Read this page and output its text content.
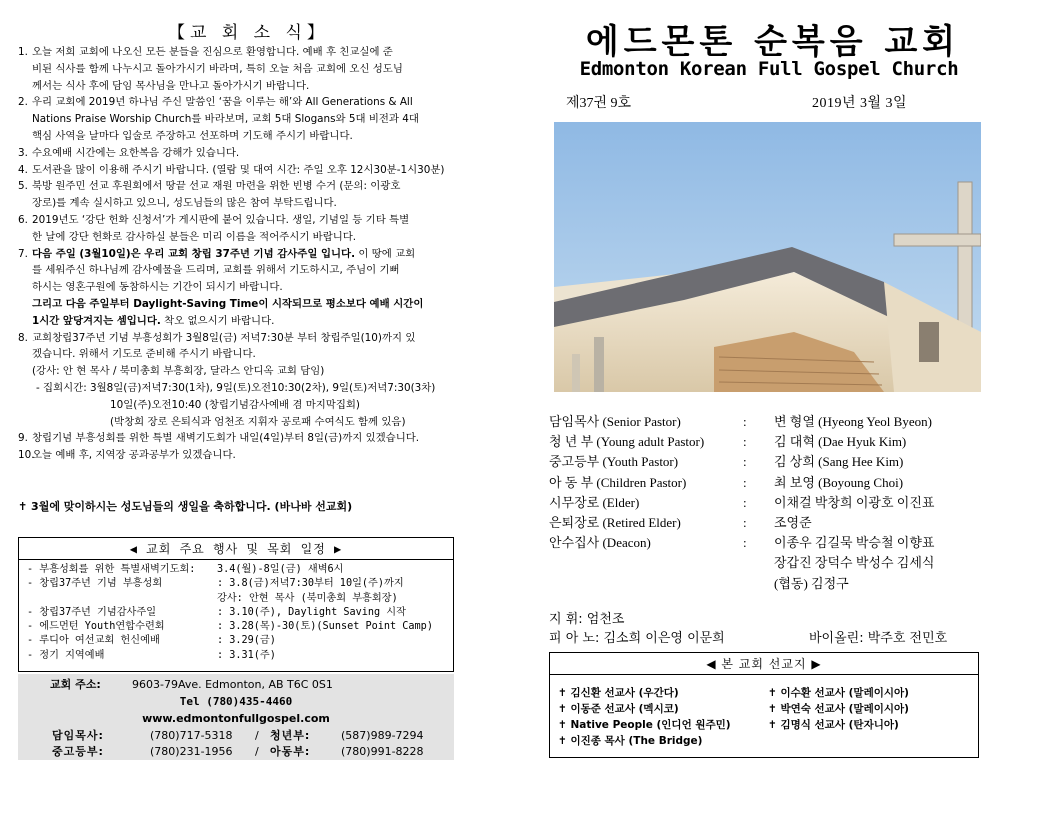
【교 회 소 식】
1. 오늘 저희 교회에 나오신 모든 분들을 진심으로 환영합니다. 예배 후 친교실에 준
비된 식사를 함께 나누시고 돌아가시기 바라며, 특히 오늘 처음 교회에 오신 성도님
께서는 식사 후에 담임 목사님을 만나고 돌아가시기 바랍니다.
2. 우리 교회에 2019년 하나님 주신 말씀인 ‘꿈을 이루는 해’와 All Generations & All
Nations Praise Worship Church를 바라보며, 교회 5대 Slogans와 5대 비전과 4대
핵심 사역을 날마다 입술로 주장하고 선포하며 기도해 주시기 바랍니다.
3. 수요예배 시간에는 요한복음 강해가 있습니다.
4. 도서관을 많이 이용해 주시기 바랍니다. (열람 및 대여 시간: 주일 오후 12시30분-1시30분)
5. 북방 원주민 선교 후원회에서 땅끝 선교 재원 마련을 위한 빈병 수거 (문의: 이광호
장로)를 계속 실시하고 있으니, 성도님들의 많은 참여 부탁드립니다.
6. 2019년도 ‘강단 헌화 신청서’가 게시판에 붙어 있습니다. 생일, 기념일 등 기타 특별
한 날에 강단 헌화로 감사하실 분들은 미리 이름을 적어주시기 바랍니다.
7. 다음 주일 (3월10일)은 우리 교회 창립 37주년 기념 감사주일 입니다. 이 땅에 교회
를 세워주신 하나님께 감사예물을 드리며, 교회를 위해서 기도하시고, 주님이 기뻐
하시는 영혼구원에 동참하시는 기간이 되시기 바랍니다.
그리고 다음 주일부터 Daylight-Saving Time이 시작되므로 평소보다 예배 시간이
1시간 앞당겨지는 셈입니다. 착오 없으시기 바랍니다.
8. 교회창립37주년 기념 부흥성회가 3월8일(금) 저녁7:30분 부터 창립주일(10)까지 있
겠습니다. 위해서 기도로 준비해 주시기 바랍니다.
(강사: 안 현 목사 / 북미총회 부흥회장, 달라스 안디옥 교회 담임)
- 집회시간: 3월8일(금)저녁7:30(1차), 9일(토)오전10:30(2차), 9일(토)저녁7:30(3차)
10일(주)오전10:40 (창립기념감사예배 겸 마지막집회)
(박창희 장로 은퇴식과 엄천조 지휘자 공로패 수여식도 함께 있음)
9. 창립기념 부흥성회를 위한 특별 새벽기도회가 내일(4일)부터 8일(금)까지 있겠습니다.
10.
오늘 예배 후, 지역장 공과공부가 있겠습니다.
✝ 3월에 맞이하시는 성도님들의 생일을 축하합니다. (바나바 선교회)
◀ 교회 주요 행사 및 목회 일정 ▶
- 부흥성회를 위한 특별새벽기도회: 3.4(월)-8일(금) 새벽6시
- 창립37주년 기념 부흥성회	: 3.8(금)저녁7:30부터 10일(주)까지
강사: 안현 목사 (북미총회 부흥회장)
- 창립37주년 기념감사주일	: 3.10(주), Daylight Saving 시작
- 에드먼턴 Youth연합수련회	: 3.28(목)-30(토)(Sunset Point Camp)
- 루디아 여선교회 헌신예배	: 3.29(금)
- 정기 지역예배	: 3.31(주)
교회 주소:	9603-79Ave. Edmonton, AB T6C 0S1
Tel (780)435-4460
www.edmontonfullgospel.com
담임목사:	(780)717-5318 / 청년부:	(587)989-7294
중고등부:	(780)231-1956 / 아동부:	(780)991-8228
에드몬톤 순복음 교회
Edmonton Korean Full Gospel Church
제37권 9호	2019년 3월 3일
담임목사 (Senior Pastor)	: 변 형열 (Hyeong Yeol Byeon)
청 년 부 (Young adult Pastor)	: 김 대혁 (Dae Hyuk Kim)
중고등부 (Youth Pastor)	: 김 상희 (Sang Hee Kim)
아 동 부 (Children Pastor)	: 최 보영 (Boyoung Choi)
시무장로 (Elder)	: 이채걸 박창희 이광호 이진표
은퇴장로 (Retired Elder)	: 조영준
안수집사 (Deacon)	: 이종우 김길묵 박승철 이향표
장갑진 장덕수 박성수 김세식
(협동) 김정구
지 휘: 엄천조
피 아 노: 김소희 이은영 이문희	바이올린: 박주호 전민호
◀ 본 교회 선교지 ▶
✝ 김신환 선교사 (우간다)
✝ 이동준 선교사 (멕시코)
✝ Native People (인디언 원주민)
✝ 이진종 목사 (The Bridge)
✝ 이수환 선교사 (말레이시아)
✝ 박연숙 선교사 (말레이시아)
✝ 김명식 선교사 (탄자니아)
